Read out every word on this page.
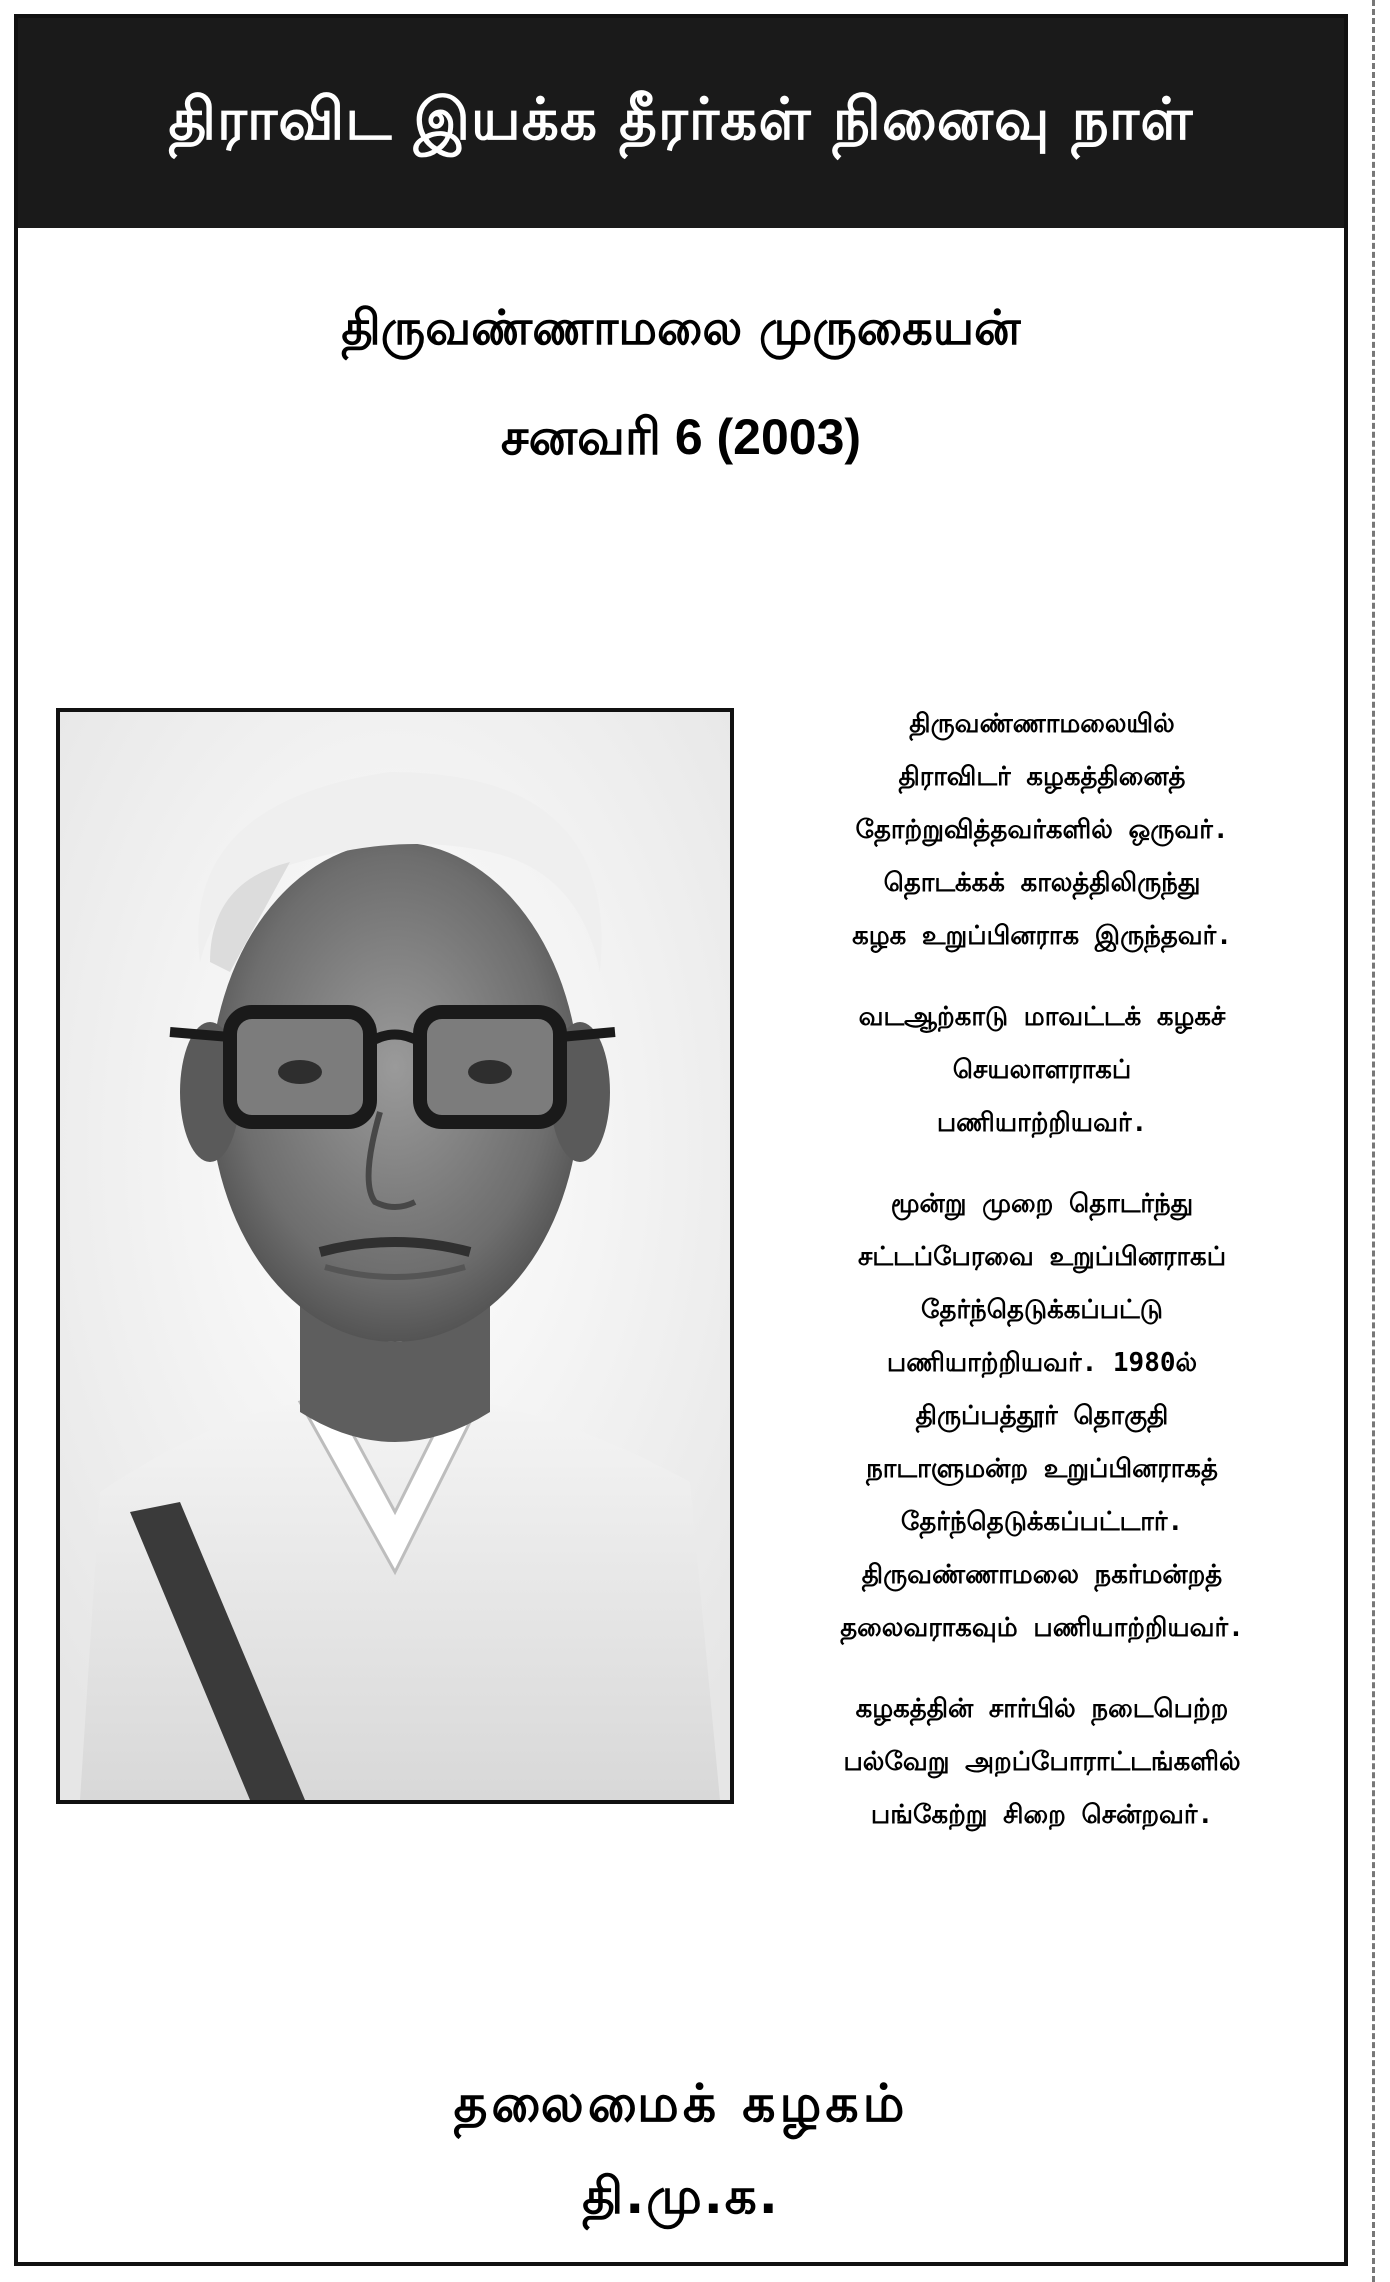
திராவிட இயக்க தீரர்கள் நினைவு நாள்
திருவண்ணாமலை முருகையன்
சனவரி 6 (2003)

திருவண்ணாமலையில்
திராவிடர் கழகத்தினைத்
தோற்றுவித்தவர்களில் ஒருவர்.
தொடக்கக் காலத்திலிருந்து
கழக உறுப்பினராக இருந்தவர்.

வடஆற்காடு மாவட்டக் கழகச்
செயலாளராகப்
பணியாற்றியவர்.

மூன்று முறை தொடர்ந்து
சட்டப்பேரவை உறுப்பினராகப்
தேர்ந்தெடுக்கப்பட்டு
பணியாற்றியவர். 1980ல்
திருப்பத்தூர் தொகுதி
நாடாளுமன்ற உறுப்பினராகத்
தேர்ந்தெடுக்கப்பட்டார்.
திருவண்ணாமலை நகர்மன்றத்
தலைவராகவும் பணியாற்றியவர்.

கழகத்தின் சார்பில் நடைபெற்ற
பல்வேறு அறப்போராட்டங்களில்
பங்கேற்று சிறை சென்றவர்.

தலைமைக் கழகம்
தி.மு.க.
